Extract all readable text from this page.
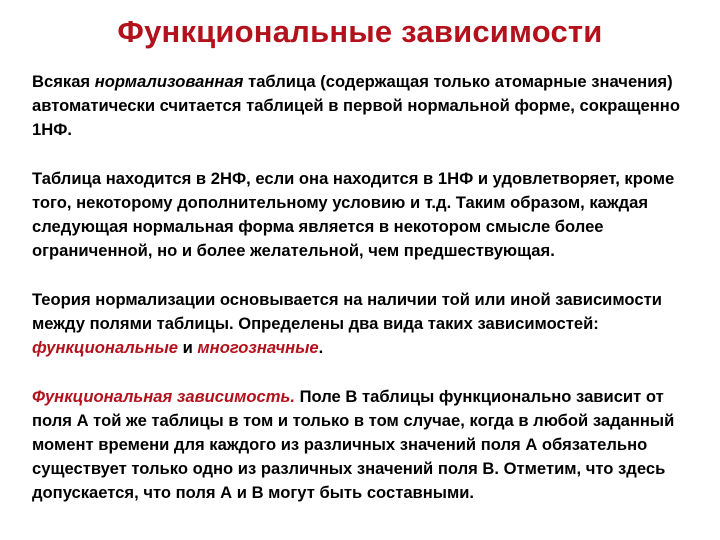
Функциональные зависимости

Всякая нормализованная таблица (содержащая только атомарные значения) автоматически считается таблицей в первой нормальной форме, сокращенно 1НФ.

Таблица находится в 2НФ, если она находится в 1НФ и удовлетворяет, кроме того, некоторому дополнительному условию и т.д. Таким образом, каждая следующая нормальная форма является в некотором смысле более ограниченной, но и более желательной, чем предшествующая.

Теория нормализации основывается на наличии той или иной зависимости между полями таблицы. Определены два вида таких зависимостей: функциональные и многозначные.

Функциональная зависимость. Поле В таблицы функционально зависит от поля А той же таблицы в том и только в том случае, когда в любой заданный момент времени для каждого из различных значений поля А обязательно существует только одно из различных значений поля В. Отметим, что здесь допускается, что поля А и В могут быть составными.
